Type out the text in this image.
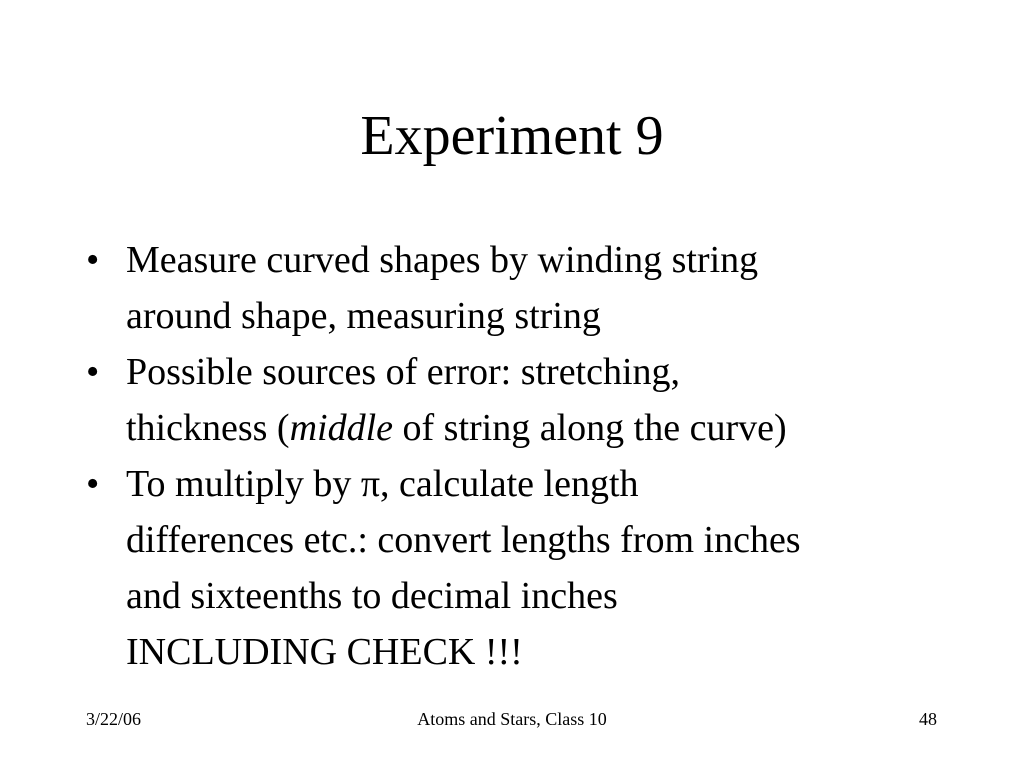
Experiment 9
• Measure curved shapes by winding string
around shape, measuring string
• Possible sources of error: stretching,
thickness (middle of string along the curve)
• To multiply by π, calculate length
differences etc.: convert lengths from inches
and sixteenths to decimal inches
INCLUDING CHECK !!!
3/22/06	Atoms and Stars, Class 10	48
